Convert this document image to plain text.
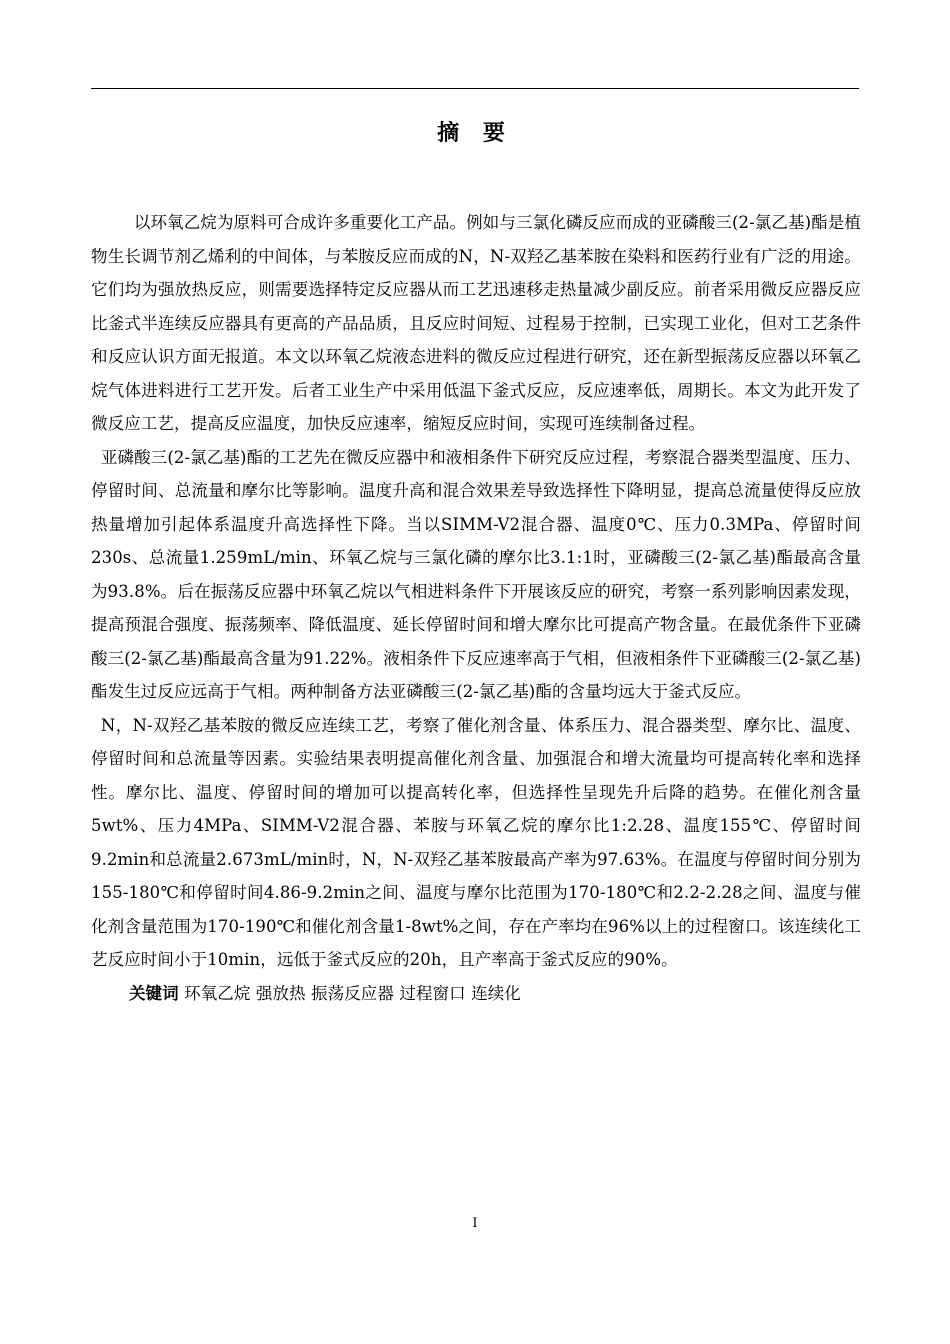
摘 要

以环氧乙烷为原料可合成许多重要化工产品。例如与三氯化磷反应而成的亚磷酸三(2-氯乙基)酯是植物生长调节剂乙烯利的中间体，与苯胺反应而成的N，N-双羟乙基苯胺在染料和医药行业有广泛的用途。它们均为强放热反应，则需要选择特定反应器从而工艺迅速移走热量减少副反应。前者采用微反应器反应比釜式半连续反应器具有更高的产品品质，且反应时间短、过程易于控制，已实现工业化，但对工艺条件和反应认识方面无报道。本文以环氧乙烷液态进料的微反应过程进行研究，还在新型振荡反应器以环氧乙烷气体进料进行工艺开发。后者工业生产中采用低温下釜式反应，反应速率低，周期长。本文为此开发了微反应工艺，提高反应温度，加快反应速率，缩短反应时间，实现可连续制备过程。

亚磷酸三(2-氯乙基)酯的工艺先在微反应器中和液相条件下研究反应过程，考察混合器类型温度、压力、停留时间、总流量和摩尔比等影响。温度升高和混合效果差导致选择性下降明显，提高总流量使得反应放热量增加引起体系温度升高选择性下降。当以SIMM-V2混合器、温度0℃、压力0.3MPa、停留时间230s、总流量1.259mL/min、环氧乙烷与三氯化磷的摩尔比3.1:1时，亚磷酸三(2-氯乙基)酯最高含量为93.8%。后在振荡反应器中环氧乙烷以气相进料条件下开展该反应的研究，考察一系列影响因素发现，提高预混合强度、振荡频率、降低温度、延长停留时间和增大摩尔比可提高产物含量。在最优条件下亚磷酸三(2-氯乙基)酯最高含量为91.22%。液相条件下反应速率高于气相，但液相条件下亚磷酸三(2-氯乙基)酯发生过反应远高于气相。两种制备方法亚磷酸三(2-氯乙基)酯的含量均远大于釜式反应。

N，N-双羟乙基苯胺的微反应连续工艺，考察了催化剂含量、体系压力、混合器类型、摩尔比、温度、停留时间和总流量等因素。实验结果表明提高催化剂含量、加强混合和增大流量均可提高转化率和选择性。摩尔比、温度、停留时间的增加可以提高转化率，但选择性呈现先升后降的趋势。在催化剂含量5wt%、压力4MPa、SIMM-V2混合器、苯胺与环氧乙烷的摩尔比1:2.28、温度155℃、停留时间9.2min和总流量2.673mL/min时，N，N-双羟乙基苯胺最高产率为97.63%。在温度与停留时间分别为155-180℃和停留时间4.86-9.2min之间、温度与摩尔比范围为170-180℃和2.2-2.28之间、温度与催化剂含量范围为170-190℃和催化剂含量1-8wt%之间，存在产率均在96%以上的过程窗口。该连续化工艺反应时间小于10min，远低于釜式反应的20h，且产率高于釜式反应的90%。

关键词 环氧乙烷 强放热 振荡反应器 过程窗口 连续化

I
